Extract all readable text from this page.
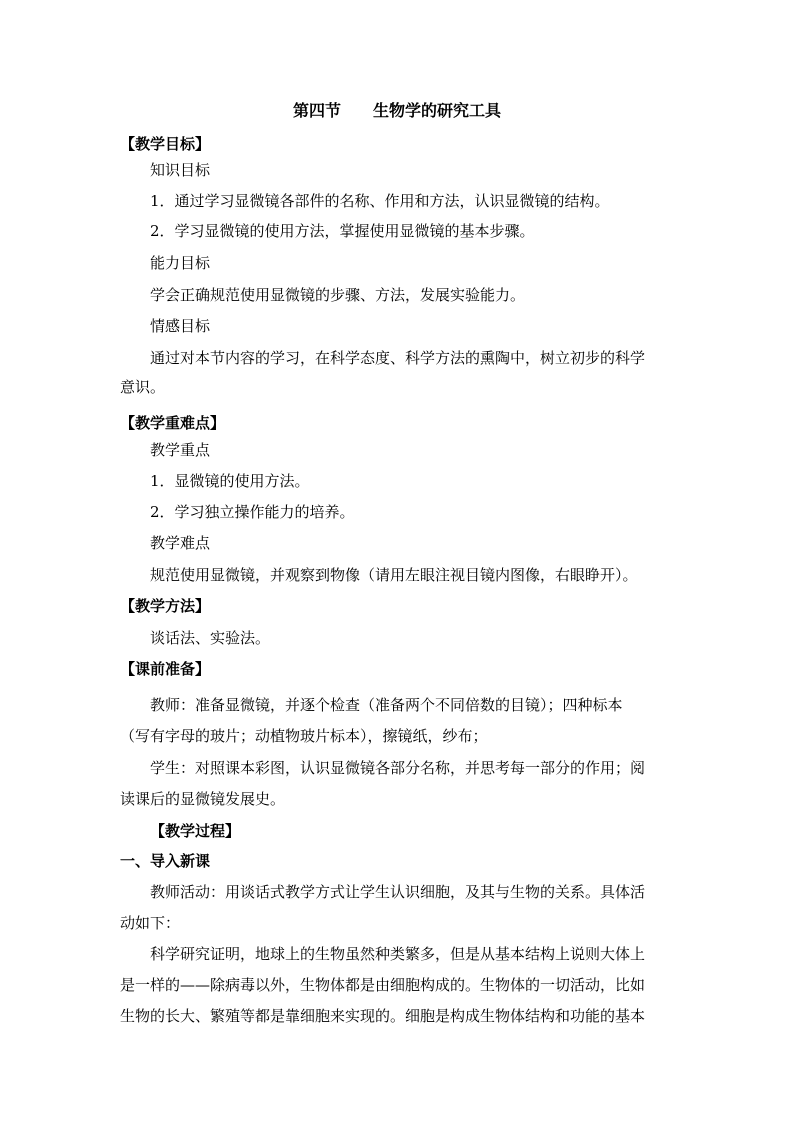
第四节　　生物学的研究工具
【教学目标】
知识目标
1．通过学习显微镜各部件的名称、作用和方法，认识显微镜的结构。
2．学习显微镜的使用方法，掌握使用显微镜的基本步骤。
能力目标
学会正确规范使用显微镜的步骤、方法，发展实验能力。
情感目标
通过对本节内容的学习，在科学态度、科学方法的熏陶中，树立初步的科学
意识。
【教学重难点】
教学重点
1．显微镜的使用方法。
2．学习独立操作能力的培养。
教学难点
规范使用显微镜，并观察到物像（请用左眼注视目镜内图像，右眼睁开）。
【教学方法】
谈话法、实验法。
【课前准备】
教师：准备显微镜，并逐个检查（准备两个不同倍数的目镜）；四种标本
（写有字母的玻片；动植物玻片标本），擦镜纸，纱布；
学生：对照课本彩图，认识显微镜各部分名称，并思考每一部分的作用；阅
读课后的显微镜发展史。
【教学过程】
一、导入新课
教师活动：用谈话式教学方式让学生认识细胞，及其与生物的关系。具体活
动如下：
科学研究证明，地球上的生物虽然种类繁多，但是从基本结构上说则大体上
是一样的——除病毒以外，生物体都是由细胞构成的。生物体的一切活动，比如
生物的长大、繁殖等都是靠细胞来实现的。细胞是构成生物体结构和功能的基本
